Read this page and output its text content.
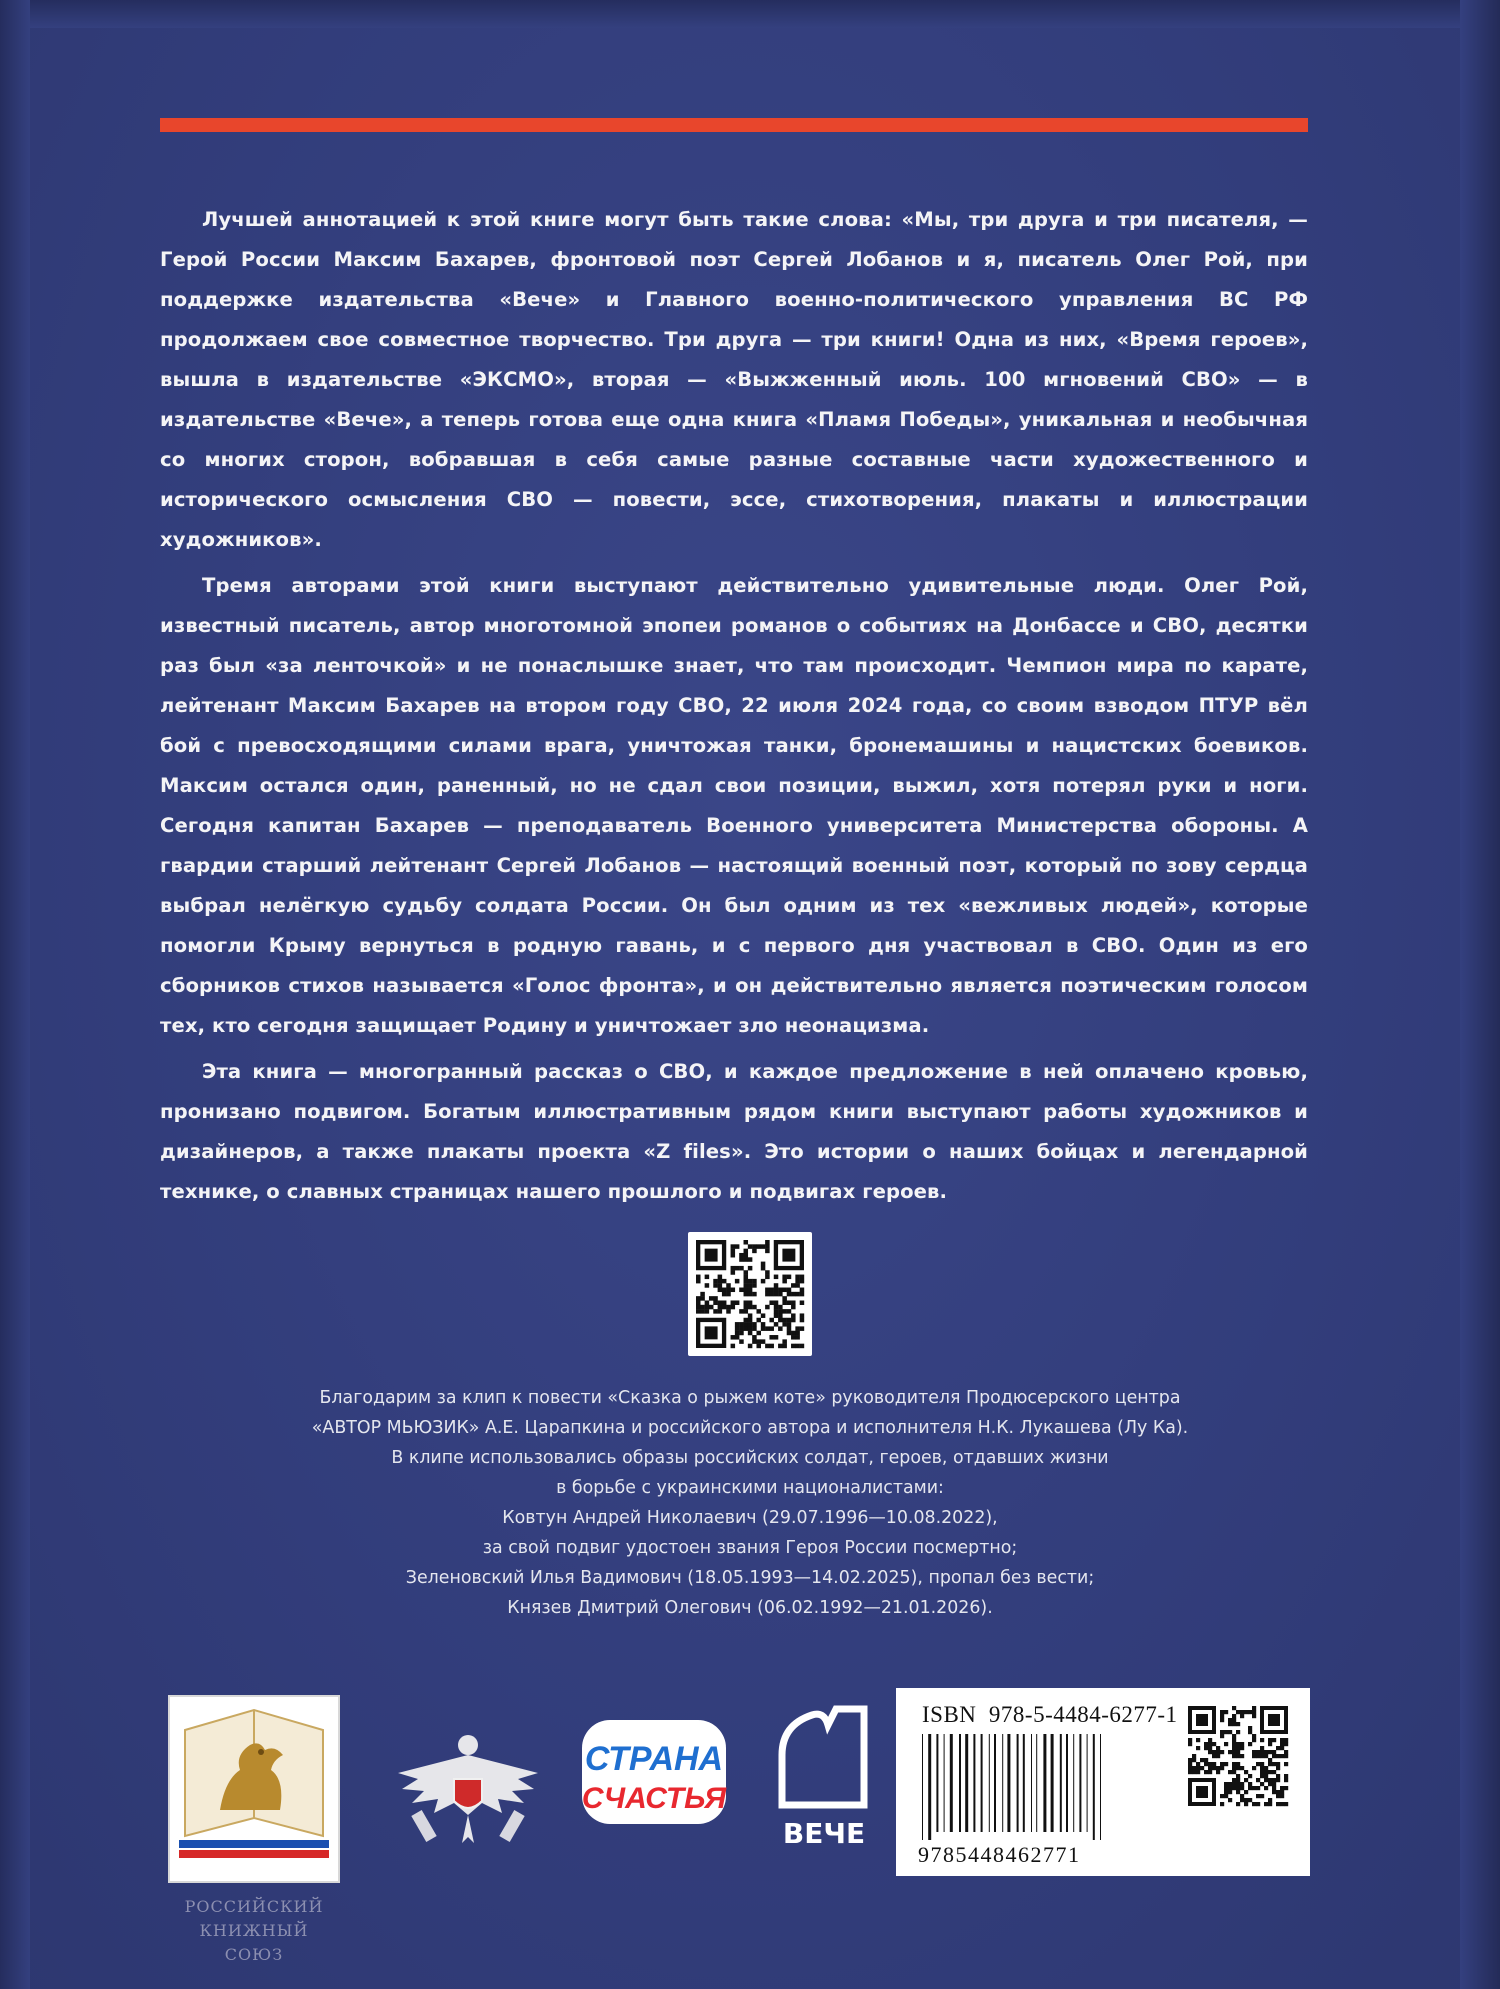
Лучшей аннотацией к этой книге могут быть такие слова: «Мы, три друга и три писателя, — Герой России Максим Бахарев, фронтовой поэт Сергей Лобанов и я, писатель Олег Рой, при поддержке издательства «Вече» и Главного военно-политического управления ВС РФ продолжаем свое совместное творчество. Три друга — три книги! Одна из них, «Время героев», вышла в издательстве «ЭКСМО», вторая — «Выжженный июль. 100 мгновений СВО» — в издательстве «Вече», а теперь готова еще одна книга «Пламя Победы», уникальная и необычная со многих сторон, вобравшая в себя самые разные составные части художественного и исторического осмысления СВО — повести, эссе, стихотворения, плакаты и иллюстрации художников».

Тремя авторами этой книги выступают действительно удивительные люди. Олег Рой, известный писатель, автор многотомной эпопеи романов о событиях на Донбассе и СВО, десятки раз был «за ленточкой» и не понаслышке знает, что там происходит. Чемпион мира по карате, лейтенант Максим Бахарев на втором году СВО, 22 июля 2024 года, со своим взводом ПТУР вёл бой с превосходящими силами врага, уничтожая танки, бронемашины и нацистских боевиков. Максим остался один, раненный, но не сдал свои позиции, выжил, хотя потерял руки и ноги. Сегодня капитан Бахарев — преподаватель Военного университета Министерства обороны. А гвардии старший лейтенант Сергей Лобанов — настоящий военный поэт, который по зову сердца выбрал нелёгкую судьбу солдата России. Он был одним из тех «вежливых людей», которые помогли Крыму вернуться в родную гавань, и с первого дня участвовал в СВО. Один из его сборников стихов называется «Голос фронта», и он действительно является поэтическим голосом тех, кто сегодня защищает Родину и уничтожает зло неонацизма.

Эта книга — многогранный рассказ о СВО, и каждое предложение в ней оплачено кровью, пронизано подвигом. Богатым иллюстративным рядом книги выступают работы художников и дизайнеров, а также плакаты проекта «Z files». Это истории о наших бойцах и легендарной технике, о славных страницах нашего прошлого и подвигах героев.

Благодарим за клип к повести «Сказка о рыжем коте» руководителя Продюсерского центра
«АВТОР МЬЮЗИК» А.Е. Царапкина и российского автора и исполнителя Н.К. Лукашева (Лу Ка).
В клипе использовались образы российских солдат, героев, отдавших жизни
в борьбе с украинскими националистами:
Ковтун Андрей Николаевич (29.07.1996—10.08.2022),
за свой подвиг удостоен звания Героя России посмертно;
Зеленовский Илья Вадимович (18.05.1993—14.02.2025), пропал без вести;
Князев Дмитрий Олегович (06.02.1992—21.01.2026).
РОССИЙСКИЙ
КНИЖНЫЙ
СОЮЗ
СТРАНА
СЧАСТЬЯ
ВЕЧЕ
ISBN 978-5-4484-6277-1
9785448462771
